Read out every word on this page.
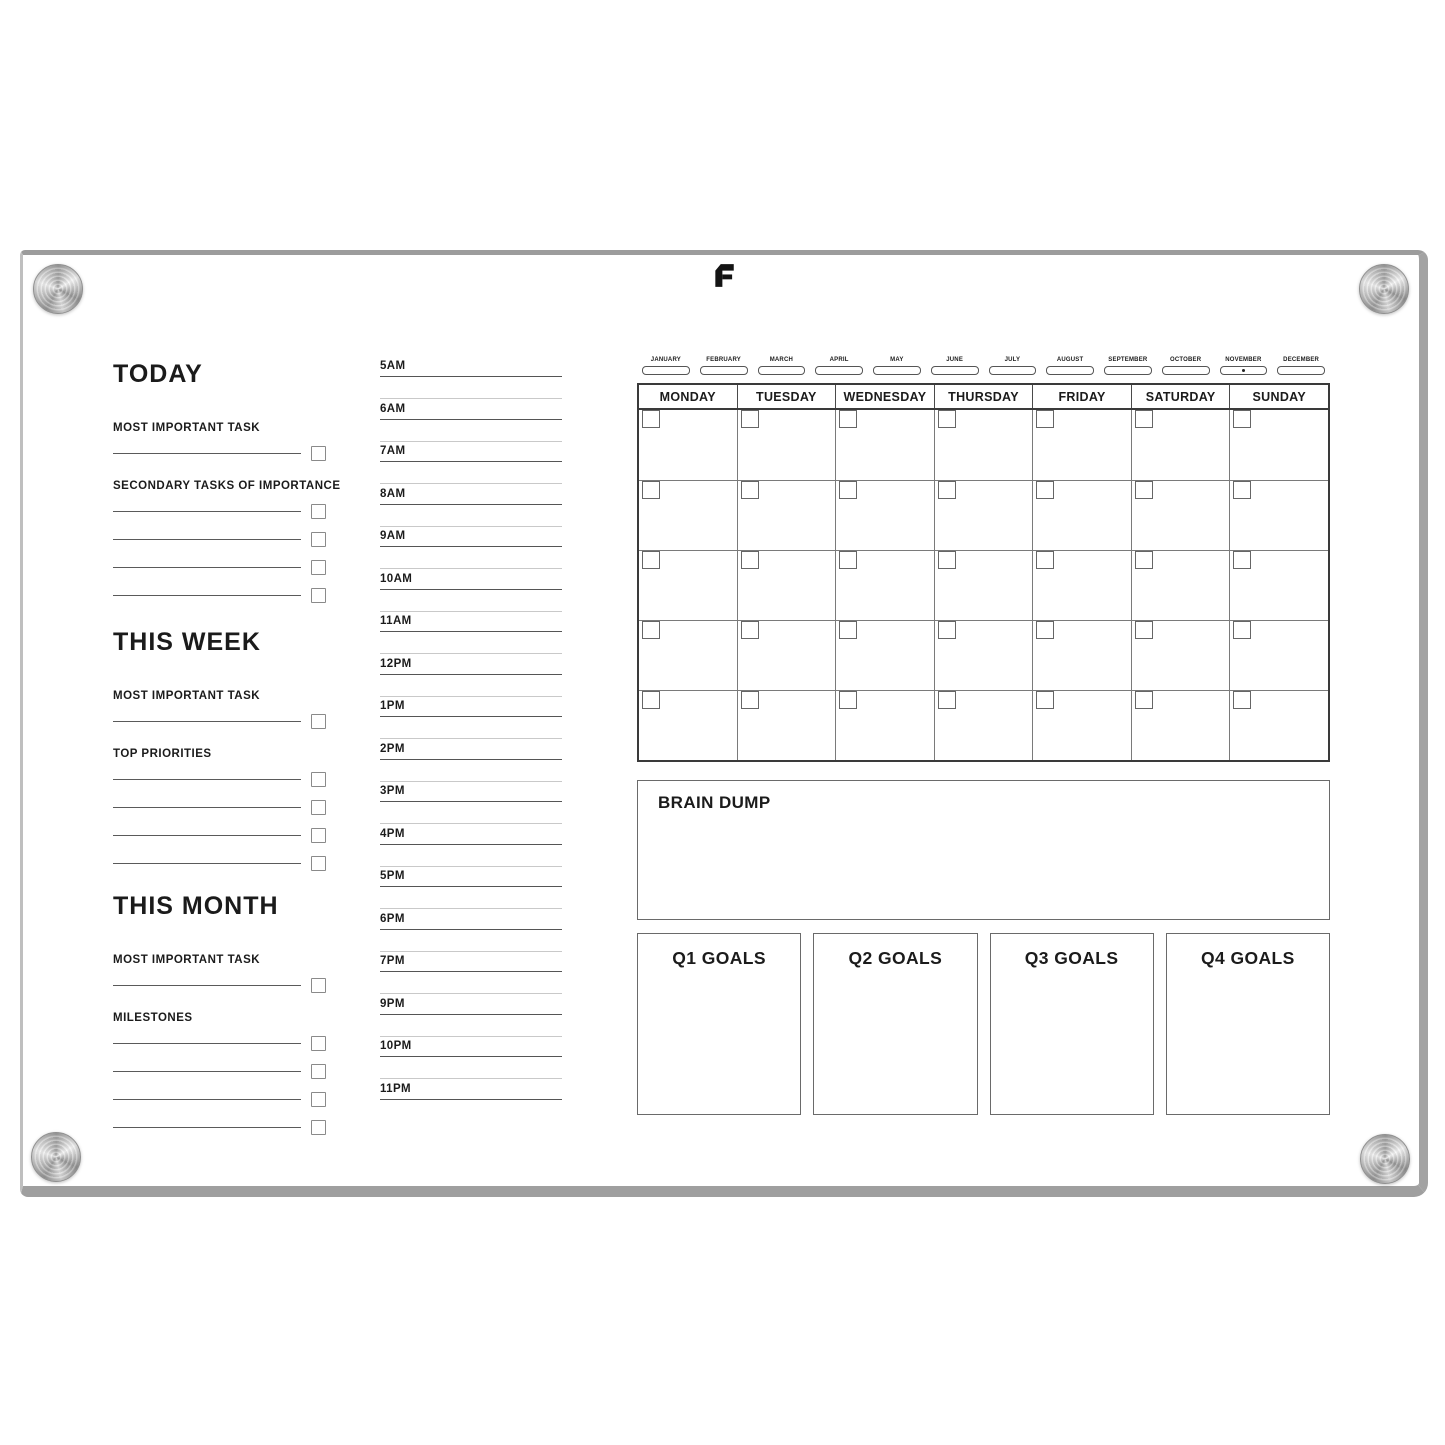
TODAY
MOST IMPORTANT TASK
SECONDARY TASKS OF IMPORTANCE
THIS WEEK
MOST IMPORTANT TASK
TOP PRIORITIES
THIS MONTH
MOST IMPORTANT TASK
MILESTONES
5AM
6AM
7AM
8AM
9AM
10AM
11AM
12PM
1PM
2PM
3PM
4PM
5PM
6PM
7PM
9PM
10PM
11PM
JANUARY	FEBRUARY	MARCH	APRIL	MAY	JUNE	JULY	AUGUST	SEPTEMBER	OCTOBER	NOVEMBER	DECEMBER
MONDAY	TUESDAY	WEDNESDAY	THURSDAY	FRIDAY	SATURDAY	SUNDAY
BRAIN DUMP
Q1 GOALS	Q2 GOALS	Q3 GOALS	Q4 GOALS
